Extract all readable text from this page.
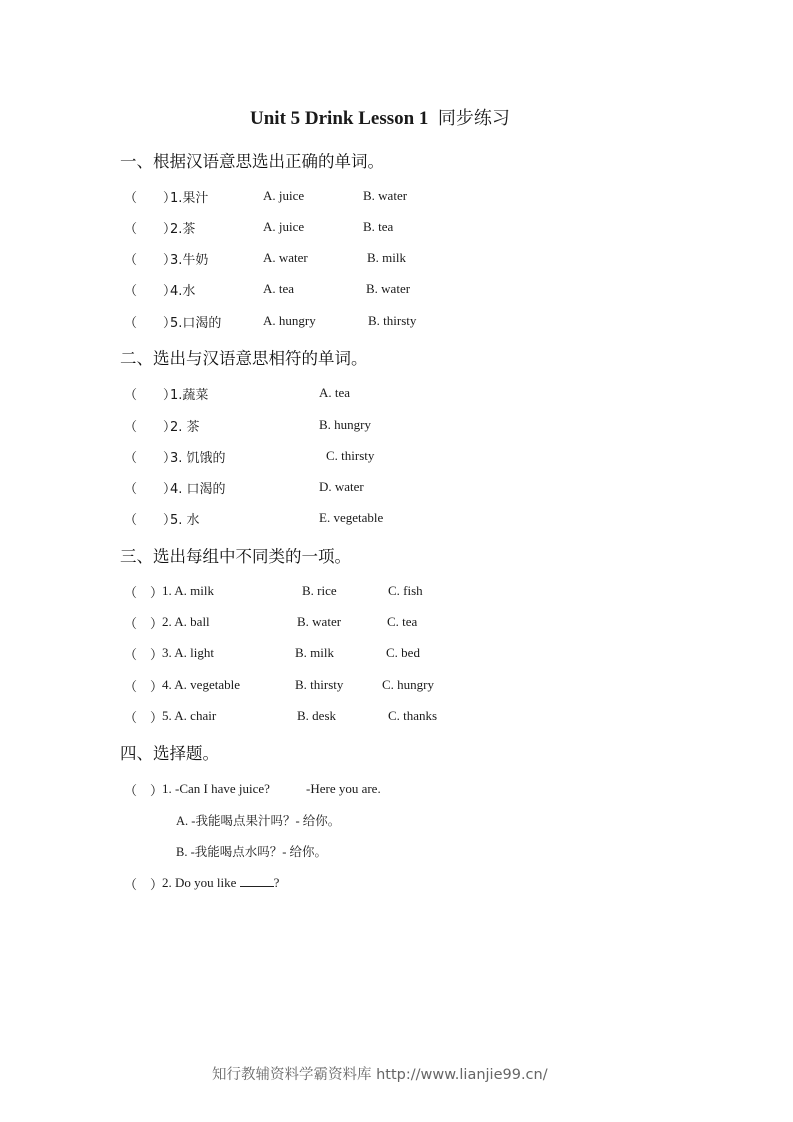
Unit 5 Drink Lesson 1 同步练习
一、根据汉语意思选出正确的单词。
（　　）
1.果汁	A. juice	B. water
（　　）
2.茶	A. juice	B. tea
（　　）
3.牛奶	A. water	B. milk
（　　）
4.水	A. tea	B. water
（　　）
5.口渴的	A. hungry	B. thirsty
二、选出与汉语意思相符的单词。
（　　）
1.蔬菜	A. tea
（　　）
2. 茶	B. hungry
（　　）
3. 饥饿的	C. thirsty
（　　）
4. 口渴的	D. water
（　　）
5. 水	E. vegetable
三、选出每组中不同类的一项。
（　）
1. A. milk	B. rice	C. fish
（　）
2. A. ball	B. water	C. tea
（　）
3. A. light	B. milk	C. bed
（　）
4. A. vegetable	B. thirsty	C. hungry
（　）
5. A. chair	B. desk	C. thanks
四、选择题。
（　）
1. -Can I have juice?	-Here you are.
A. -我能喝点果汁吗？- 给你。
B. -我能喝点水吗？- 给你。
（　）
2. Do you like	?
知行教辅资料学霸资料库 http://www.lianjie99.cn/
